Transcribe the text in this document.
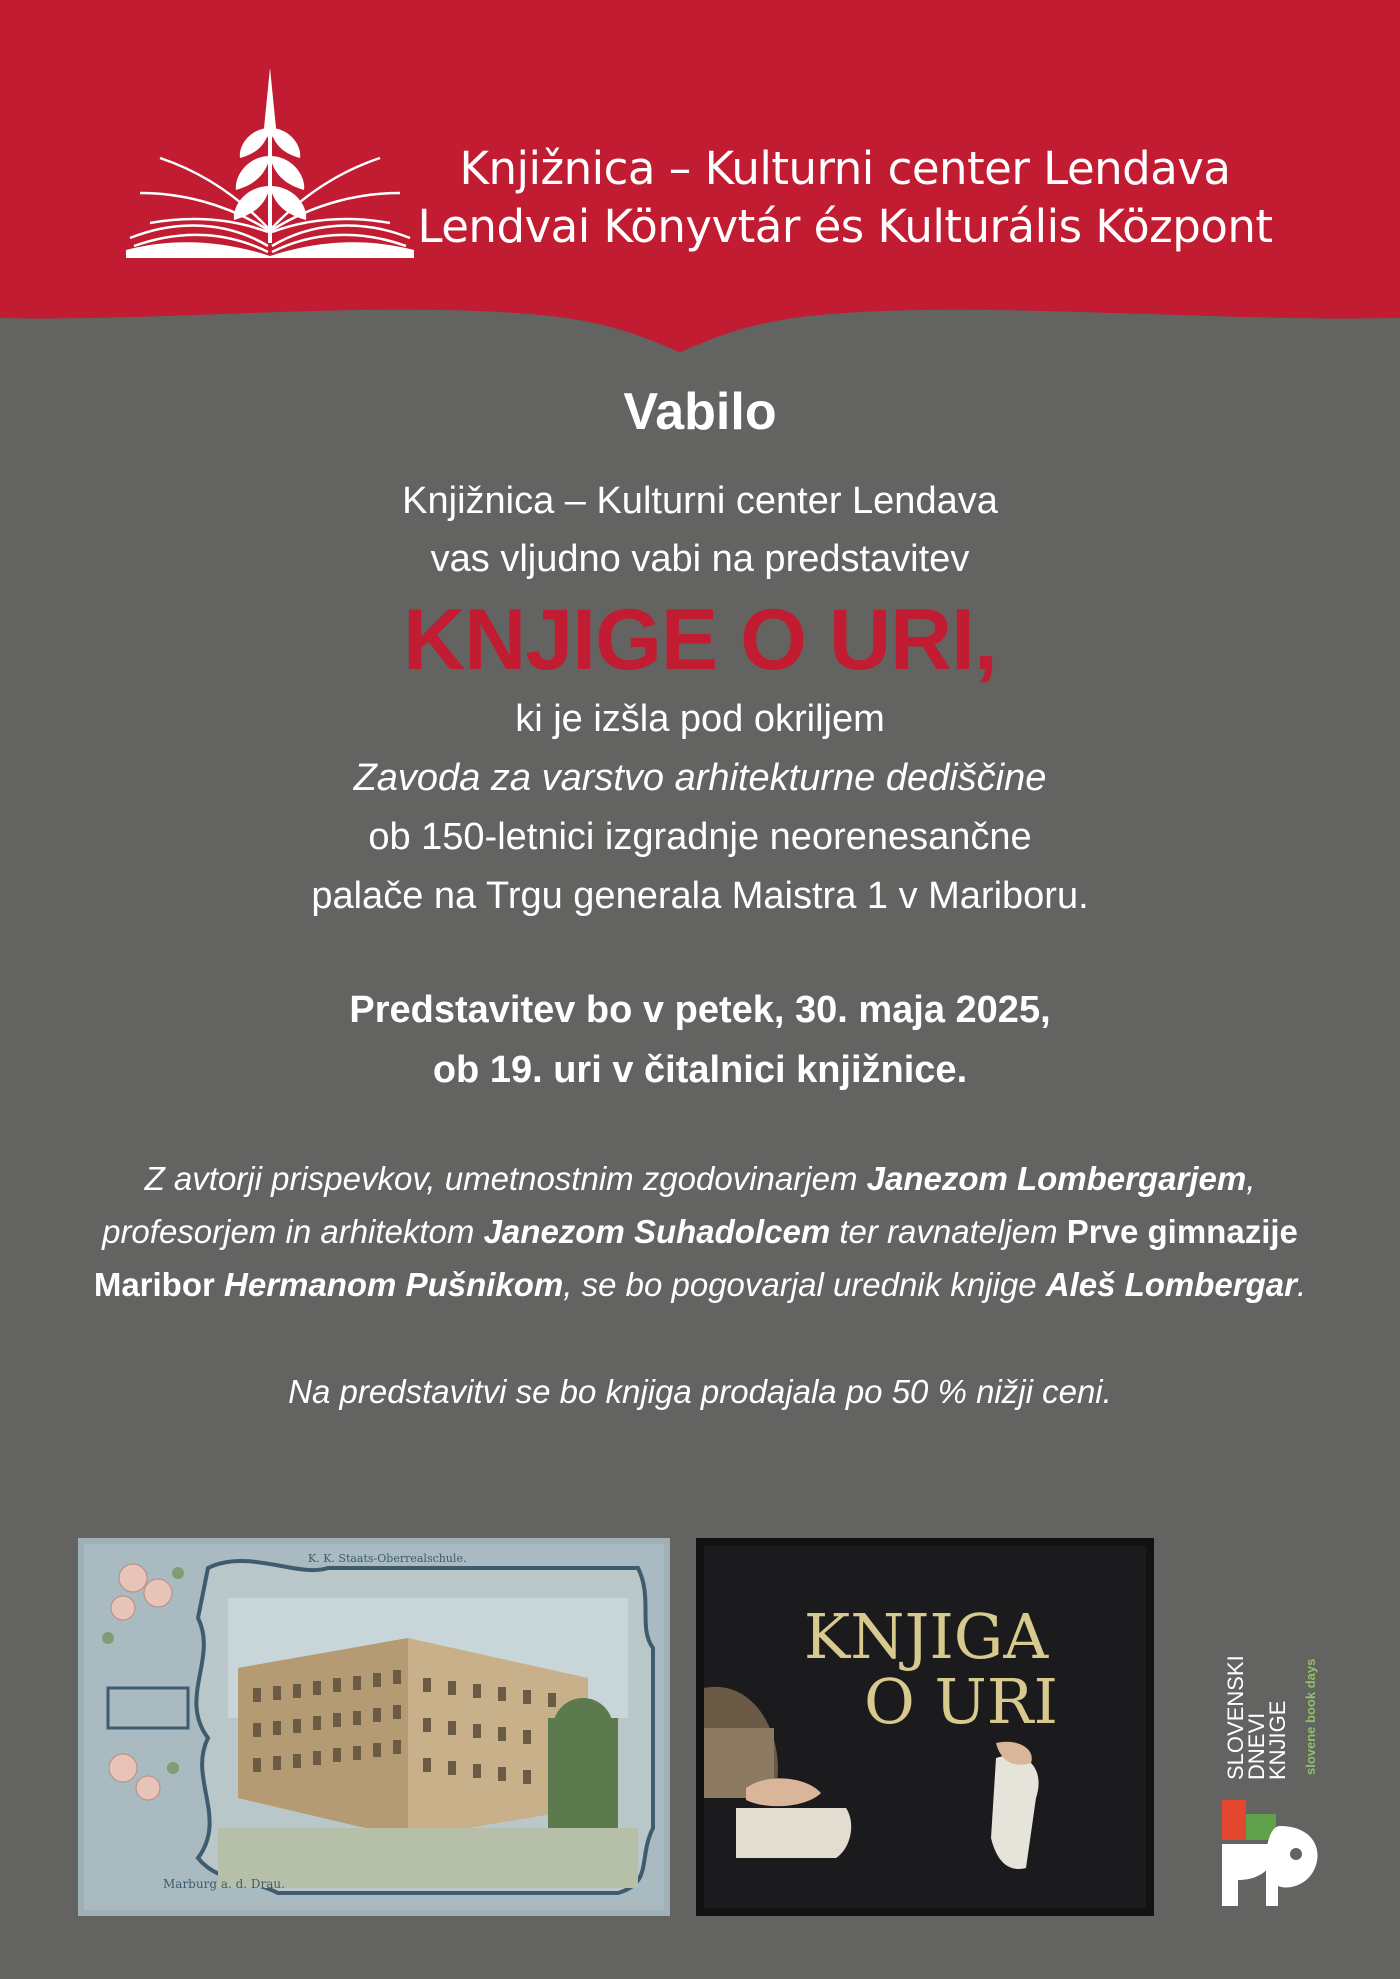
Knjižnica – Kulturni center Lendava
Lendvai Könyvtár és Kulturális Központ
Vabilo
Knjižnica – Kulturni center Lendava
vas vljudno vabi na predstavitev
KNJIGE O URI,
ki je izšla pod okriljem
Zavoda za varstvo arhitekturne dediščine
ob 150-letnici izgradnje neorenesančne
palače na Trgu generala Maistra 1 v Mariboru.
Predstavitev bo v petek, 30. maja 2025,
ob 19. uri v čitalnici knjižnice.
Z avtorji prispevkov, umetnostnim zgodovinarjem Janezom Lombergarjem,
profesorjem in arhitektom Janezom Suhadolcem ter ravnateljem Prve gimnazije
Maribor Hermanom Pušnikom, se bo pogovarjal urednik knjige Aleš Lombergar.
Na predstavitvi se bo knjiga prodajala po 50 % nižji ceni.
K. K. Staats-Oberrealschule.
Marburg a. d. Drau.
KNJIGA
O URI	SLOVENSKI
DNEVI
KNJIGE slovene book days
